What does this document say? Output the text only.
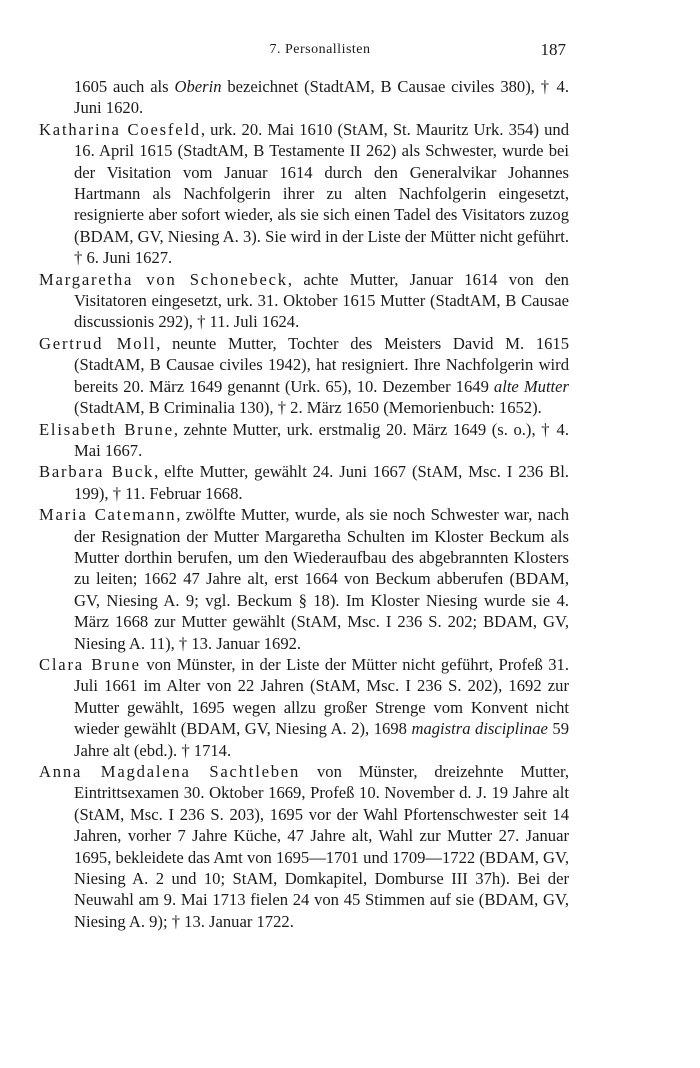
7. Personallisten	187

1605 auch als Oberin bezeichnet (StadtAM, B Causae civiles 380), † 4. Juni 1620.

Katharina Coesfeld, urk. 20. Mai 1610 (StAM, St. Mauritz Urk. 354) und 16. April 1615 (StadtAM, B Testamente II 262) als Schwester, wurde bei der Visitation vom Januar 1614 durch den Generalvikar Johannes Hartmann als Nachfolgerin ihrer zu alten Nachfolgerin eingesetzt, resignierte aber sofort wieder, als sie sich einen Tadel des Visitators zuzog (BDAM, GV, Niesing A. 3). Sie wird in der Liste der Mütter nicht geführt. † 6. Juni 1627.

Margaretha von Schonebeck, achte Mutter, Januar 1614 von den Visitatoren eingesetzt, urk. 31. Oktober 1615 Mutter (StadtAM, B Causae discussionis 292), † 11. Juli 1624.

Gertrud Moll, neunte Mutter, Tochter des Meisters David M. 1615 (StadtAM, B Causae civiles 1942), hat resigniert. Ihre Nachfolgerin wird bereits 20. März 1649 genannt (Urk. 65), 10. Dezember 1649 alte Mutter (StadtAM, B Criminalia 130), † 2. März 1650 (Memorienbuch: 1652).

Elisabeth Brune, zehnte Mutter, urk. erstmalig 20. März 1649 (s. o.), † 4. Mai 1667.

Barbara Buck, elfte Mutter, gewählt 24. Juni 1667 (StAM, Msc. I 236 Bl. 199), † 11. Februar 1668.

Maria Catemann, zwölfte Mutter, wurde, als sie noch Schwester war, nach der Resignation der Mutter Margaretha Schulten im Kloster Beckum als Mutter dorthin berufen, um den Wiederaufbau des abgebrannten Klosters zu leiten; 1662 47 Jahre alt, erst 1664 von Beckum abberufen (BDAM, GV, Niesing A. 9; vgl. Beckum § 18). Im Kloster Niesing wurde sie 4. März 1668 zur Mutter gewählt (StAM, Msc. I 236 S. 202; BDAM, GV, Niesing A. 11), † 13. Januar 1692.

Clara Brune von Münster, in der Liste der Mütter nicht geführt, Profeß 31. Juli 1661 im Alter von 22 Jahren (StAM, Msc. I 236 S. 202), 1692 zur Mutter gewählt, 1695 wegen allzu großer Strenge vom Konvent nicht wieder gewählt (BDAM, GV, Niesing A. 2), 1698 magistra disciplinae 59 Jahre alt (ebd.). † 1714.

Anna Magdalena Sachtleben von Münster, dreizehnte Mutter, Eintrittsexamen 30. Oktober 1669, Profeß 10. November d. J. 19 Jahre alt (StAM, Msc. I 236 S. 203), 1695 vor der Wahl Pfortenschwester seit 14 Jahren, vorher 7 Jahre Küche, 47 Jahre alt, Wahl zur Mutter 27. Januar 1695, bekleidete das Amt von 1695—1701 und 1709—1722 (BDAM, GV, Niesing A. 2 und 10; StAM, Domkapitel, Domburse III 37h). Bei der Neuwahl am 9. Mai 1713 fielen 24 von 45 Stimmen auf sie (BDAM, GV, Niesing A. 9); † 13. Januar 1722.
